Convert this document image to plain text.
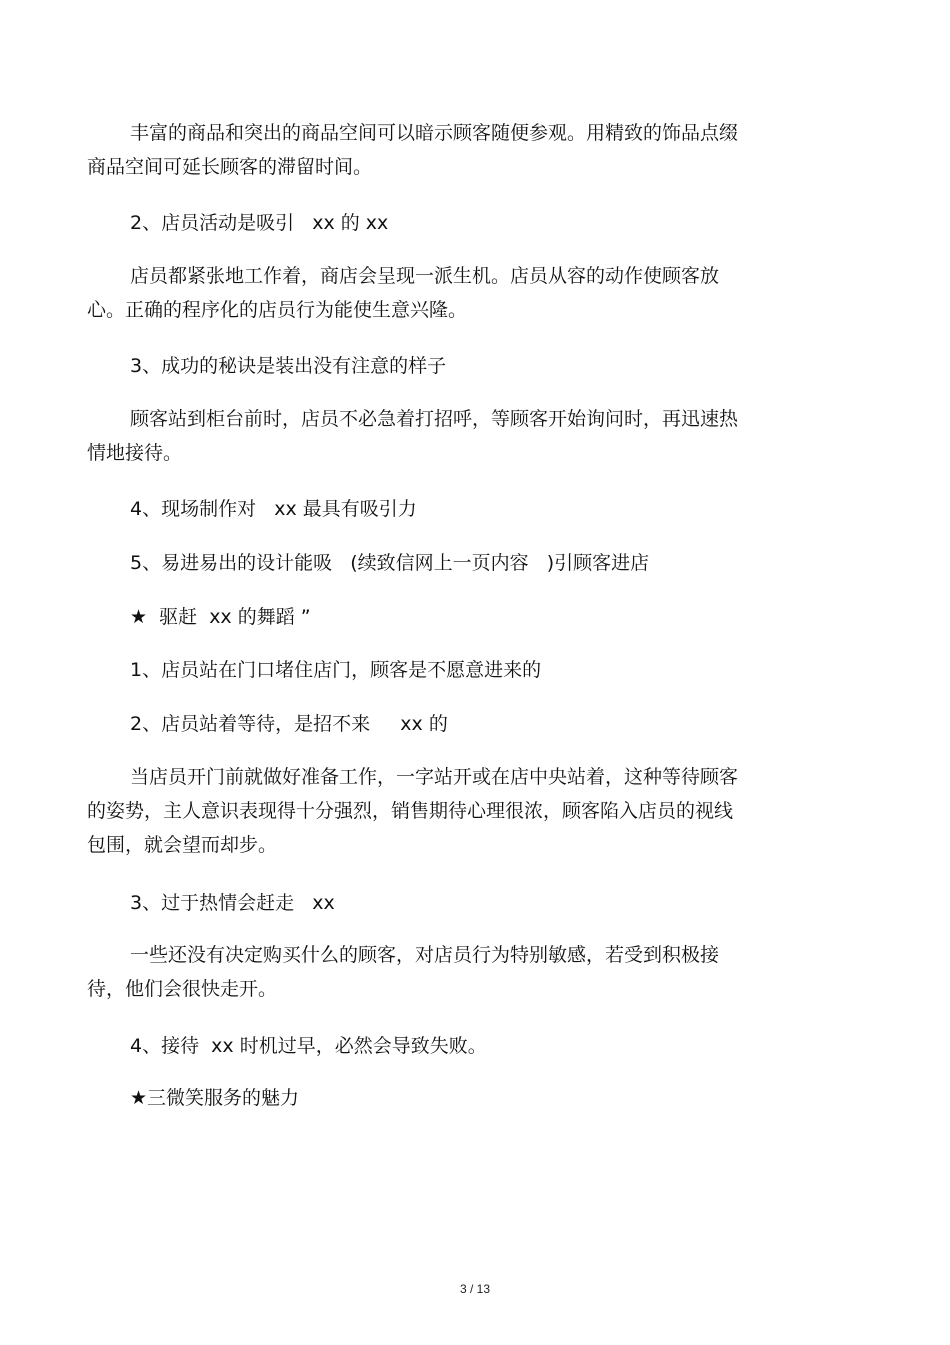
丰富的商品和突出的商品空间可以暗示顾客随便参观。用精致的饰品点缀
商品空间可延长顾客的滞留时间。
2、店员活动是吸引   xx 的 xx
店员都紧张地工作着，商店会呈现一派生机。店员从容的动作使顾客放
心。正确的程序化的店员行为能使生意兴隆。
3、成功的秘诀是装出没有注意的样子
顾客站到柜台前时，店员不必急着打招呼，等顾客开始询问时，再迅速热
情地接待。
4、现场制作对   xx 最具有吸引力
5、易进易出的设计能吸   (续致信网上一页内容   )引顾客进店
★  驱赶  xx 的舞蹈 ”
1、店员站在门口堵住店门，顾客是不愿意进来的
2、店员站着等待，是招不来     xx 的
当店员开门前就做好准备工作，一字站开或在店中央站着，这种等待顾客
的姿势，主人意识表现得十分强烈，销售期待心理很浓，顾客陷入店员的视线
包围，就会望而却步。
3、过于热情会赶走   xx
一些还没有决定购买什么的顾客，对店员行为特别敏感，若受到积极接
待，他们会很快走开。
4、接待  xx 时机过早，必然会导致失败。
★三微笑服务的魅力
3 / 13
